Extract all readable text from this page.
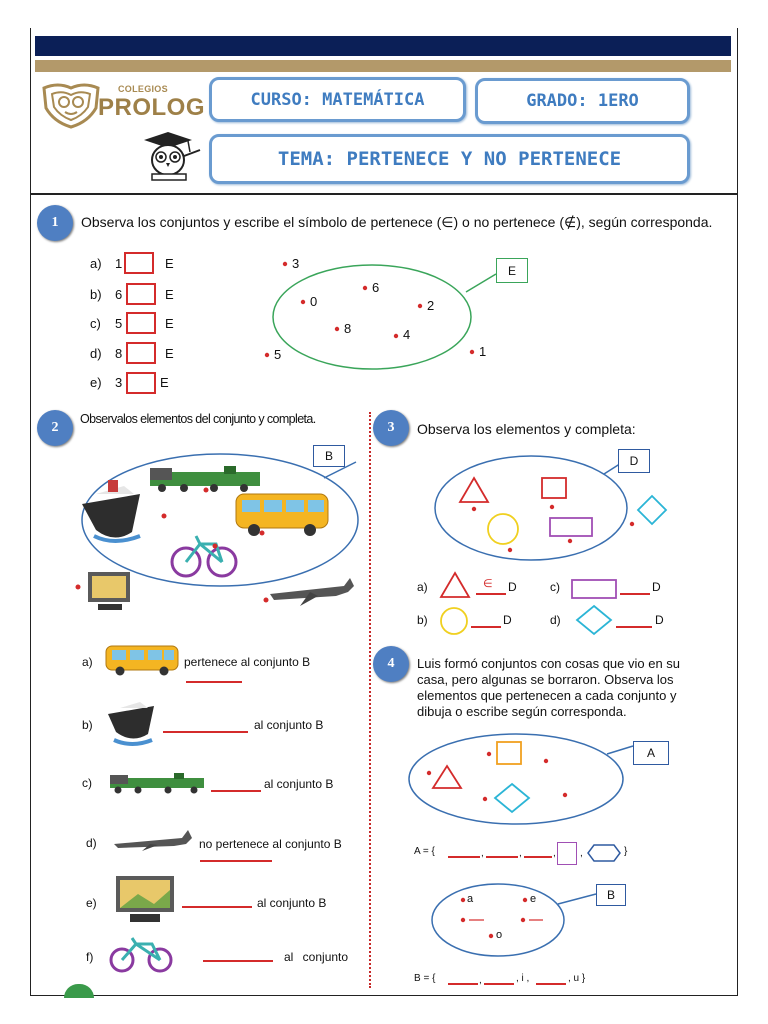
COLEGIOS
PROLOG	CURSO: MATEMÁTICA	GRADO: 1ERO
TEMA: PERTENECE Y NO PERTENECE
1	Observa los conjuntos y escribe el símbolo de pertenece (∈) o no pertenece (∉), según corresponda.
a) 1	E
b) 6	E
c) 5	E
d) 8	E
e) 3	E
E
3
6
0	2
8	4
5	1
2
Observalos elementos del conjunto y completa.
B
a)	pertenece al conjunto B
b)	al conjunto B
c)	al conjunto B
d)	no pertenece al conjunto B
e)	al conjunto B
f)	al conjunto
3	Observa los elementos y completa:
D
a)	∈ D	c)	D
b)	D	d)	D
4	Luis formó conjuntos con cosas que vio en su
casa, pero algunas se borraron. Observa los
elementos que pertenecen a cada conjunto y
dibuja o escribe según corresponda.
A
A = {	,	,	, ,	}
a	e
o
B
B = {	,	, i ,	, u }
